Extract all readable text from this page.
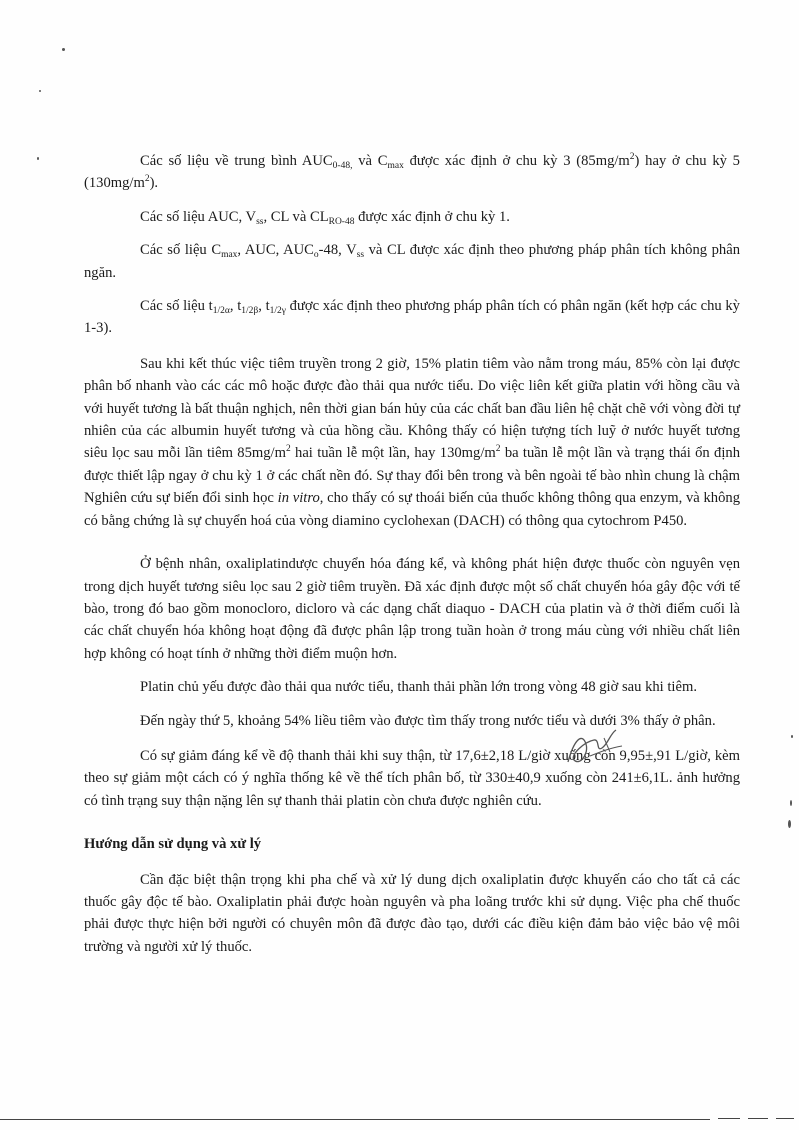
Các số liệu về trung bình $AUC_{0-48,}$ và $C_{max}$ được xác định ở chu kỳ 3 $(85mg/m^2)$ hay ở chu kỳ 5 $(130mg/m^2)$.

Các số liệu AUC, $V_{ss}$, CL và $CL_{RO-48}$ được xác định ở chu kỳ 1.

Các số liệu $C_{max}$, AUC, $AUC_o-48$, $V_{ss}$ và CL được xác định theo phương pháp phân tích không phân ngăn.

Các số liệu $t_{1/2\alpha}$, $t_{1/2\beta}$, $t_{1/2\gamma}$ được xác định theo phương pháp phân tích có phân ngăn (kết hợp các chu kỳ 1-3).

Sau khi kết thúc việc tiêm truyền trong 2 giờ, 15% platin tiêm vào nằm trong máu, 85% còn lại được phân bố nhanh vào các các mô hoặc được đào thải qua nước tiểu. Do việc liên kết giữa platin với hồng cầu và với huyết tương là bất thuận nghịch, nên thời gian bán hủy của các chất ban đầu liên hệ chặt chẽ với vòng đời tự nhiên của các albumin huyết tương và của hồng cầu. Không thấy có hiện tượng tích luỹ ở nước huyết tương siêu lọc sau mỗi lần tiêm $85mg/m^2$ hai tuần lễ một lần, hay $130mg/m^2$ ba tuần lễ một lần và trạng thái ổn định được thiết lập ngay ở chu kỳ 1 ở các chất nền đó. Sự thay đổi bên trong và bên ngoài tế bào nhìn chung là chậm Nghiên cứu sự biến đổi sinh học in vitro, cho thấy có sự thoái biến của thuốc không thông qua enzym, và không có bằng chứng là sự chuyển hoá của vòng diamino cyclohexan (DACH) có thông qua cytochrom P450.

Ở bệnh nhân, oxaliplatindược chuyển hóa đáng kể, và không phát hiện được thuốc còn nguyên vẹn trong dịch huyết tương siêu lọc sau 2 giờ tiêm truyền. Đã xác định được một số chất chuyển hóa gây độc với tế bào, trong đó bao gồm monocloro, dicloro và các dạng chất diaquo - DACH của platin và ở thời điểm cuối là các chất chuyển hóa không hoạt động đã được phân lập trong tuần hoàn ở trong máu cùng với nhiều chất liên hợp không có hoạt tính ở những thời điểm muộn hơn.

Platin chủ yếu được đào thải qua nước tiểu, thanh thải phần lớn trong vòng 48 giờ sau khi tiêm.

Đến ngày thứ 5, khoảng 54% liều tiêm vào được tìm thấy trong nước tiểu và dưới 3% thấy ở phân.

Có sự giảm đáng kể về độ thanh thải khi suy thận, từ 17,6±2,18 L/giờ xuống còn 9,95±,91 L/giờ, kèm theo sự giảm một cách có ý nghĩa thống kê về thể tích phân bố, từ 330±40,9 xuống còn 241±6,1L. ảnh hưởng có tình trạng suy thận nặng lên sự thanh thải platin còn chưa được nghiên cứu.

Hướng dẫn sử dụng và xử lý

Cần đặc biệt thận trọng khi pha chế và xử lý dung dịch oxaliplatin được khuyến cáo cho tất cả các thuốc gây độc tế bào. Oxaliplatin phải được hoàn nguyên và pha loãng trước khi sử dụng. Việc pha chế thuốc phải được thực hiện bởi người có chuyên môn đã được đào tạo, dưới các điều kiện đảm bảo việc bảo vệ môi trường và người xử lý thuốc.
